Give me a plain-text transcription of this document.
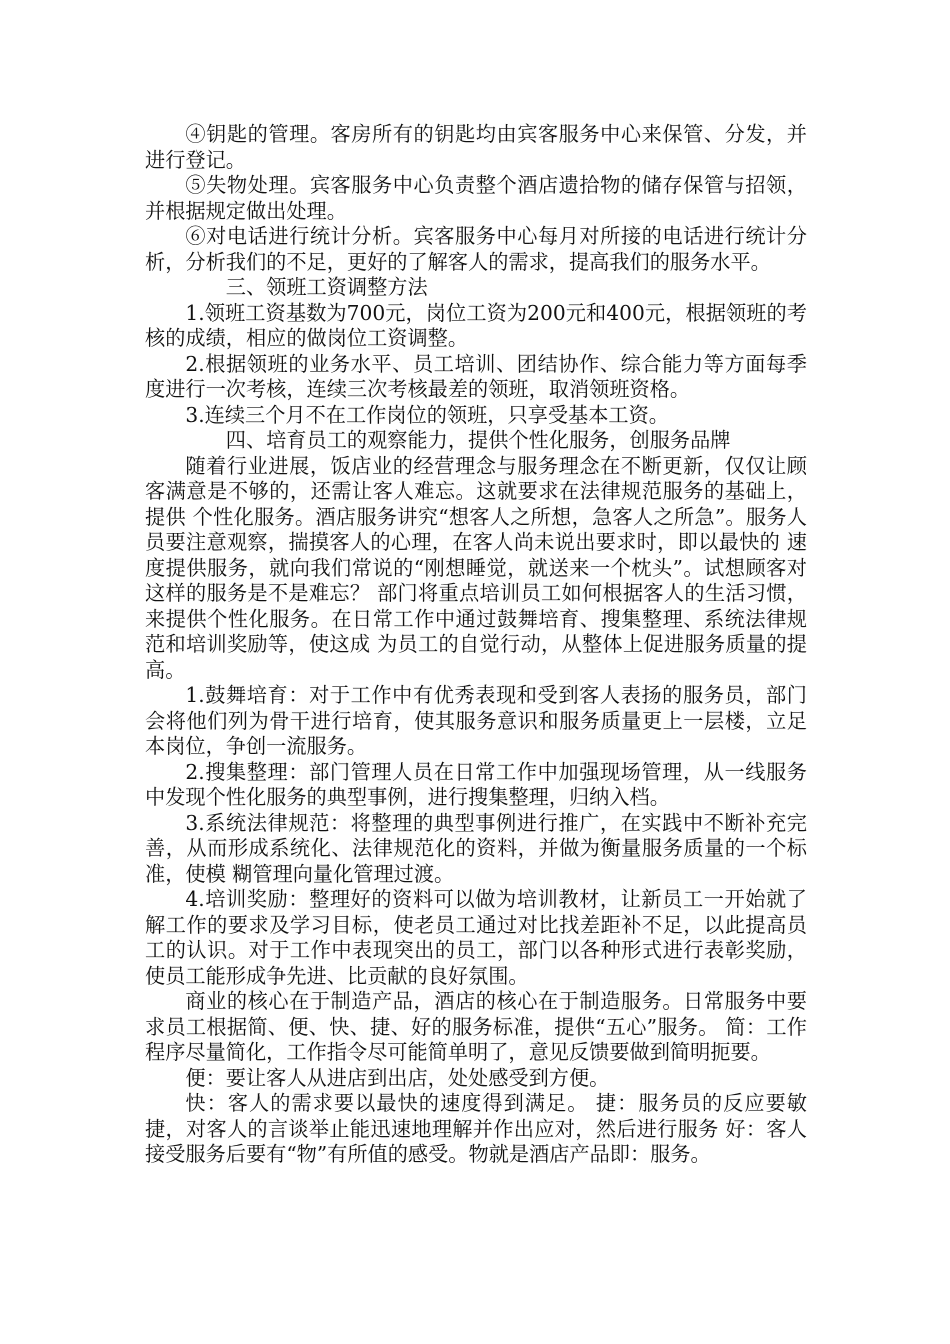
④钥匙的管理。客房所有的钥匙均由宾客服务中心来保管、分发，并进行登记。

⑤失物处理。宾客服务中心负责整个酒店遗拾物的储存保管与招领，并根据规定做出处理。

⑥对电话进行统计分析。宾客服务中心每月对所接的电话进行统计分析，分析我们的不足，更好的了解客人的需求，提高我们的服务水平。

三、领班工资调整方法

1.领班工资基数为700元，岗位工资为200元和400元，根据领班的考核的成绩，相应的做岗位工资调整。

2.根据领班的业务水平、员工培训、团结协作、综合能力等方面每季度进行一次考核，连续三次考核最差的领班，取消领班资格。

3.连续三个月不在工作岗位的领班，只享受基本工资。

四、培育员工的观察能力，提供个性化服务，创服务品牌

随着行业进展，饭店业的经营理念与服务理念在不断更新，仅仅让顾客满意是不够的，还需让客人难忘。这就要求在法律规范服务的基础上，提供 个性化服务。酒店服务讲究“想客人之所想，急客人之所急”。服务人员要注意观察，揣摸客人的心理，在客人尚未说出要求时，即以最快的 速度提供服务，就向我们常说的“刚想睡觉，就送来一个枕头”。试想顾客对这样的服务是不是难忘？ 部门将重点培训员工如何根据客人的生活习惯，来提供个性化服务。在日常工作中通过鼓舞培育、搜集整理、系统法律规范和培训奖励等，使这成 为员工的自觉行动，从整体上促进服务质量的提高。

1.鼓舞培育：对于工作中有优秀表现和受到客人表扬的服务员，部门会将他们列为骨干进行培育，使其服务意识和服务质量更上一层楼，立足 本岗位，争创一流服务。

2.搜集整理：部门管理人员在日常工作中加强现场管理，从一线服务中发现个性化服务的典型事例，进行搜集整理，归纳入档。

3.系统法律规范：将整理的典型事例进行推广，在实践中不断补充完善，从而形成系统化、法律规范化的资料，并做为衡量服务质量的一个标准，使模 糊管理向量化管理过渡。

4.培训奖励：整理好的资料可以做为培训教材，让新员工一开始就了解工作的要求及学习目标，使老员工通过对比找差距补不足，以此提高员 工的认识。对于工作中表现突出的员工，部门以各种形式进行表彰奖励，使员工能形成争先进、比贡献的良好氛围。

商业的核心在于制造产品，酒店的核心在于制造服务。日常服务中要求员工根据简、便、快、捷、好的服务标准，提供“五心”服务。 简：工作程序尽量简化，工作指令尽可能简单明了，意见反馈要做到简明扼要。

便：要让客人从进店到出店，处处感受到方便。

快：客人的需求要以最快的速度得到满足。 捷：服务员的反应要敏捷，对客人的言谈举止能迅速地理解并作出应对，然后进行服务 好：客人接受服务后要有“物”有所值的感受。物就是酒店产品即：服务。
